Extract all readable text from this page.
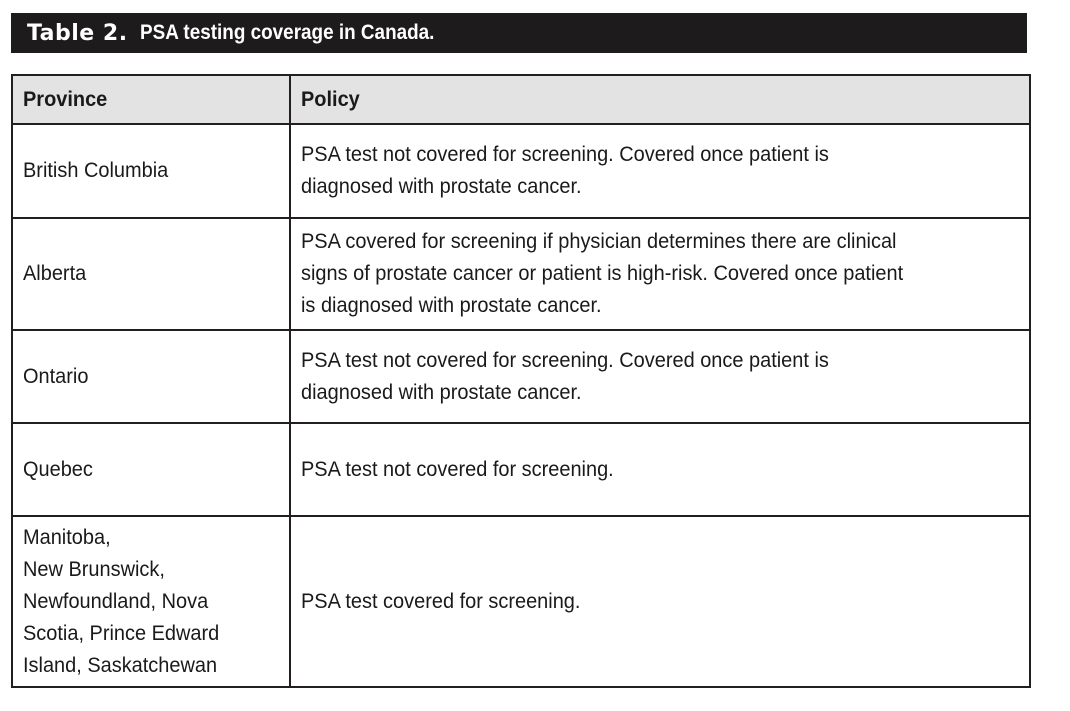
Table 2. PSA testing coverage in Canada.
Province	Policy

British Columbia	PSA test not covered for screening. Covered once patient is
diagnosed with prostate cancer.

Alberta	PSA covered for screening if physician determines there are clinical
signs of prostate cancer or patient is high-risk. Covered once patient
is diagnosed with prostate cancer.

Ontario	PSA test not covered for screening. Covered once patient is
diagnosed with prostate cancer.

Quebec	PSA test not covered for screening.

Manitoba,
New Brunswick,
Newfoundland, Nova
Scotia, Prince Edward
Island, Saskatchewan	PSA test covered for screening.
